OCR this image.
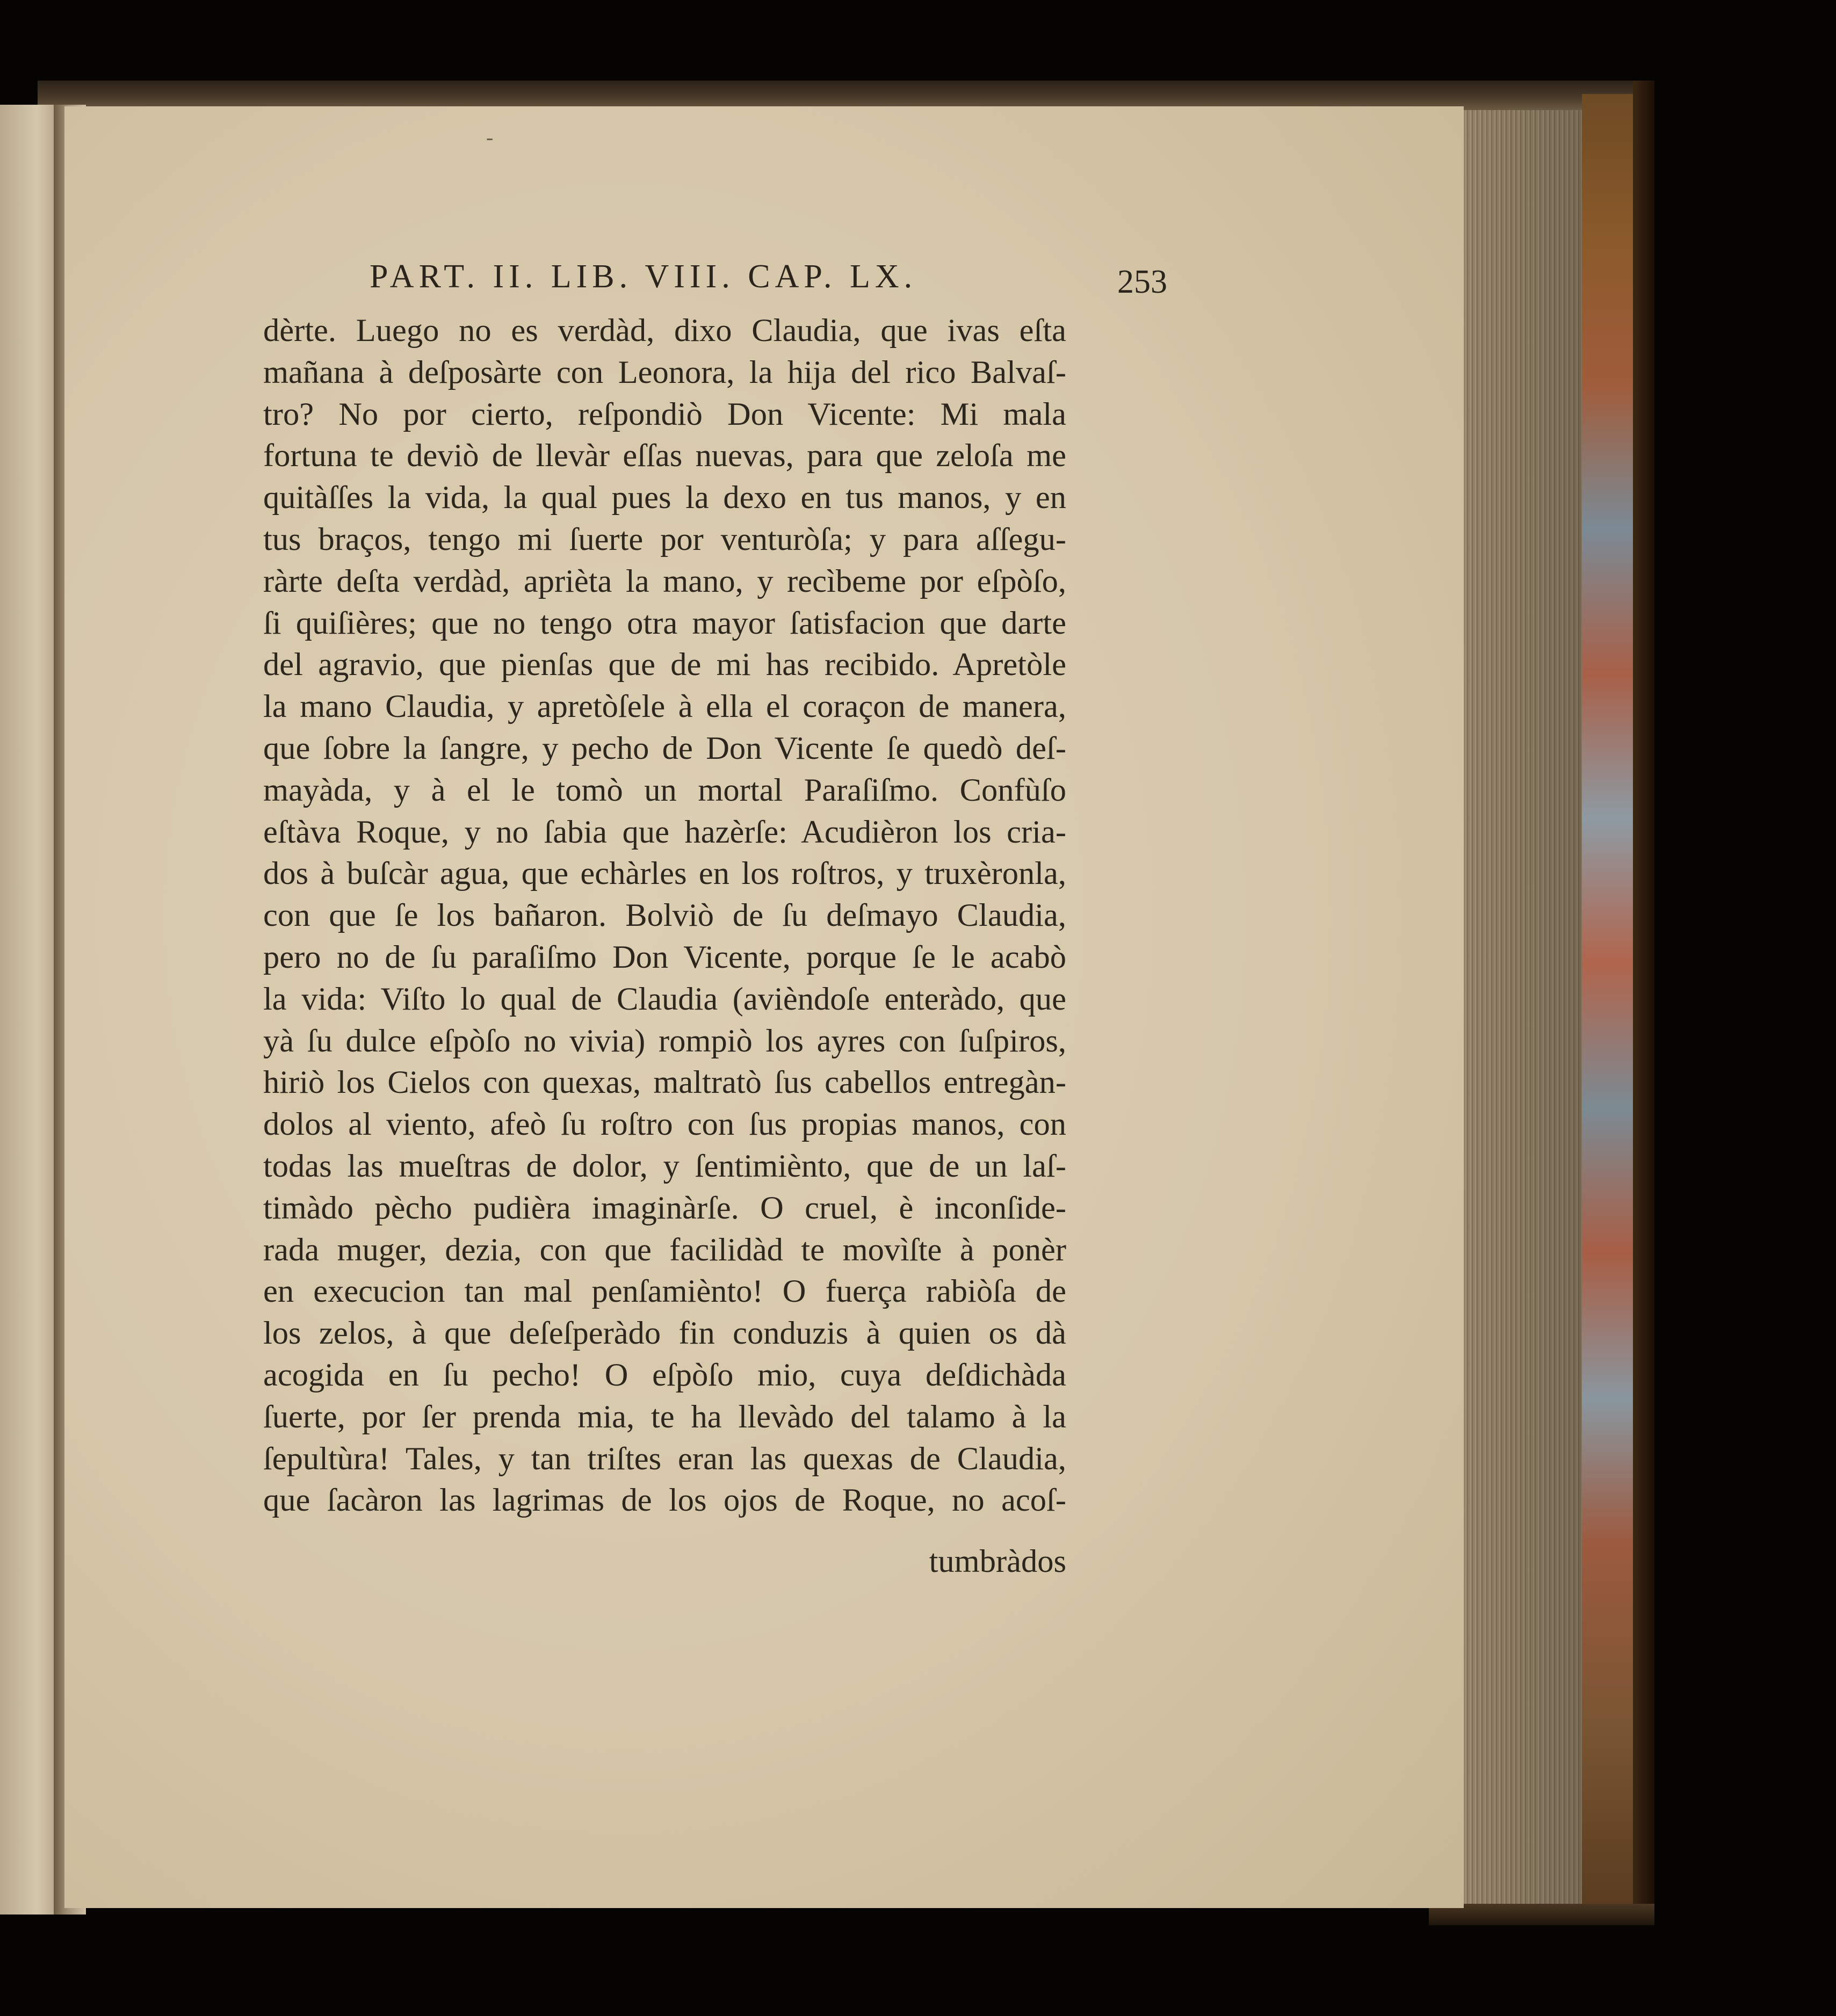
-
PART. II. LIB. VIII. CAP. LX.	253
dèrte. Luego no es verdàd, dixo Claudia, que ivas eſta
mañana à deſposàrte con Leonora, la hija del rico Balvaſ-
tro? No por cierto, reſpondiò Don Vicente: Mi mala
fortuna te deviò de llevàr eſſas nuevas, para que zeloſa me
quitàſſes la vida, la qual pues la dexo en tus manos, y en
tus braços, tengo mi ſuerte por venturòſa; y para aſſegu-
ràrte deſta verdàd, aprièta la mano, y recìbeme por eſpòſo,
ſi quiſières; que no tengo otra mayor ſatisfacion que darte
del agravio, que pienſas que de mi has recibido. Apretòle
la mano Claudia, y apretòſele à ella el coraçon de manera,
que ſobre la ſangre, y pecho de Don Vicente ſe quedò deſ-
mayàda, y à el le tomò un mortal Paraſiſmo. Confùſo
eſtàva Roque, y no ſabia que hazèrſe: Acudièron los cria-
dos à buſcàr agua, que echàrles en los roſtros, y truxèronla,
con que ſe los bañaron. Bolviò de ſu deſmayo Claudia,
pero no de ſu paraſiſmo Don Vicente, porque ſe le acabò
la vida: Viſto lo qual de Claudia (avièndoſe enteràdo, que
yà ſu dulce eſpòſo no vivia) rompiò los ayres con ſuſpiros,
hiriò los Cielos con quexas, maltratò ſus cabellos entregàn-
dolos al viento, afeò ſu roſtro con ſus propias manos, con
todas las mueſtras de dolor, y ſentimiènto, que de un laſ-
timàdo pècho pudièra imaginàrſe. O cruel, è inconſide-
rada muger, dezia, con que facilidàd te movìſte à ponèr
en execucion tan mal penſamiènto! O fuerça rabiòſa de
los zelos, à que deſeſperàdo fin conduzis à quien os dà
acogida en ſu pecho! O eſpòſo mio, cuya deſdichàda
ſuerte, por ſer prenda mia, te ha llevàdo del talamo à la
ſepultùra! Tales, y tan triſtes eran las quexas de Claudia,
que ſacàron las lagrimas de los ojos de Roque, no acoſ-
tumbràdos
